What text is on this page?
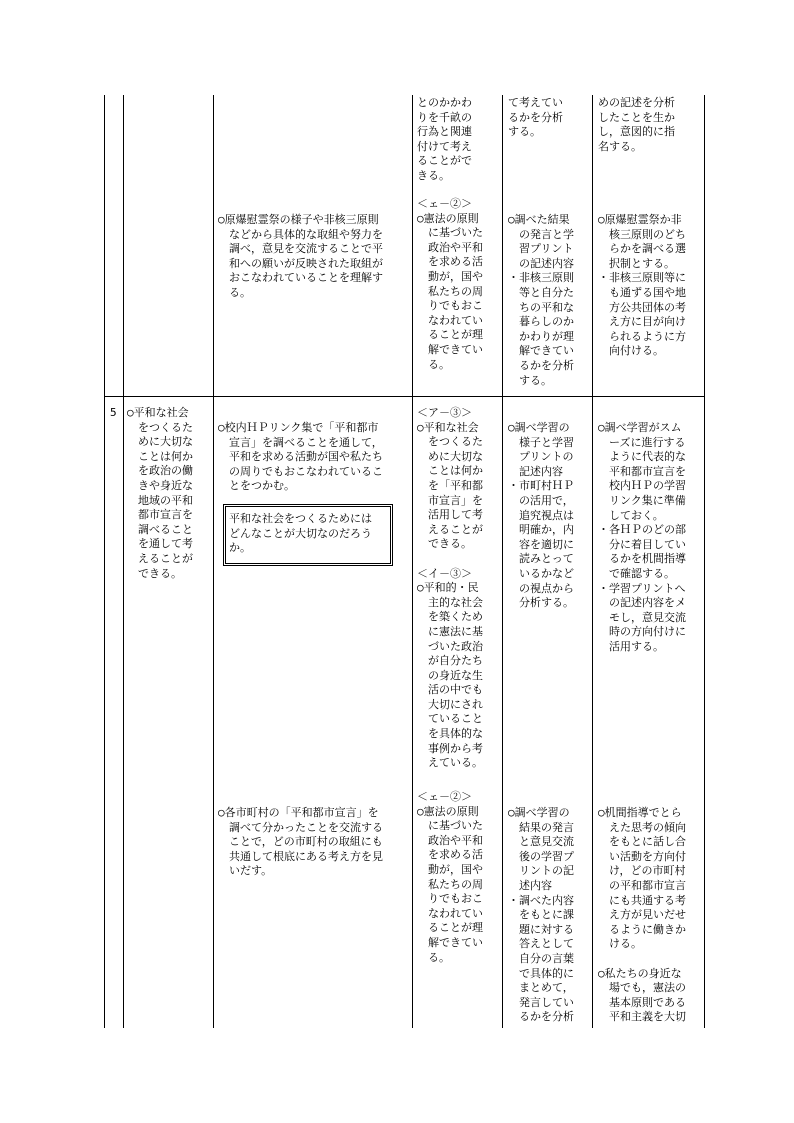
とのかかわ
りを千畝の
行為と関連
付けて考え
ることがで
きる。
て考えてい
るかを分析
する。
めの記述を分析
したことを生か
し，意図的に指
名する。
○原爆慰霊祭の様子や非核三原則
　などから具体的な取組や努力を
　調べ，意見を交流することで平
　和への願いが反映された取組が
　おこなわれていることを理解す
　る。
＜ェ－②＞
○憲法の原則
　に基づいた
　政治や平和
　を求める活
　動が，国や
　私たちの周
　りでもおこ
　なわれてい
　ることが理
　解できてい
　る。
○調べた結果
　の発言と学
　習プリント
　の記述内容
・非核三原則
　等と自分た
　ちの平和な
　暮らしのか
　かわりが理
　解できてい
　るかを分析
　する。
○原爆慰霊祭か非
　核三原則のどち
　らかを調べる選
　択制とする。
・非核三原則等に
　も通ずる国や地
　方公共団体の考
　え方に目が向け
　られるように方
　向付ける。
5 ○平和な社会
　をつくるた
　めに大切な
　ことは何か
　を政治の働
　きや身近な
　地域の平和
　都市宣言を
　調べること
　を通して考
　えることが
　できる。
○校内ＨＰリンク集で「平和都市
　宣言」を調べることを通して，
　平和を求める活動が国や私たち
　の周りでもおこなわれているこ
　とをつかむ。
平和な社会をつくるためには
どんなことが大切なのだろう
か。
＜ア－③＞
○平和な社会
　をつくるた
　めに大切な
　ことは何か
　を「平和都
　市宣言」を
　活用して考
　えることが
　できる。

＜イ－③＞
○平和的・民
　主的な社会
　を築くため
　に憲法に基
　づいた政治
　が自分たち
　の身近な生
　活の中でも
　大切にされ
　ていること
　を具体的な
　事例から考
　えている。
○調べ学習の
　様子と学習
　プリントの
　記述内容
・市町村ＨＰ
　の活用で，
　追究視点は
　明確か，内
　容を適切に
　読みとって
　いるかなど
　の視点から
　分析する。
○調べ学習がスム
　ーズに進行する
　ように代表的な
　平和都市宣言を
　校内ＨＰの学習
　リンク集に準備
　しておく。
・各ＨＰのどの部
　分に着目してい
　るかを机間指導
　で確認する。
・学習プリントへ
　の記述内容をメ
　モし，意見交流
　時の方向付けに
　活用する。
○各市町村の「平和都市宣言」を
　調べて分かったことを交流する
　ことで，どの市町村の取組にも
　共通して根底にある考え方を見
　いだす。
＜ェ－②＞
○憲法の原則
　に基づいた
　政治や平和
　を求める活
　動が，国や
　私たちの周
　りでもおこ
　なわれてい
　ることが理
　解できてい
　る。
○調べ学習の
　結果の発言
　と意見交流
　後の学習プ
　リントの記
　述内容
・調べた内容
　をもとに課
　題に対する
　答えとして
　自分の言葉
　で具体的に
　まとめて，
　発言してい
　るかを分析
○机間指導でとら
　えた思考の傾向
　をもとに話し合
　い活動を方向付
　け，どの市町村
　の平和都市宣言
　にも共通する考
　え方が見いだせ
　るように働きか
　ける。

○私たちの身近な
　場でも，憲法の
　基本原則である
　平和主義を大切
